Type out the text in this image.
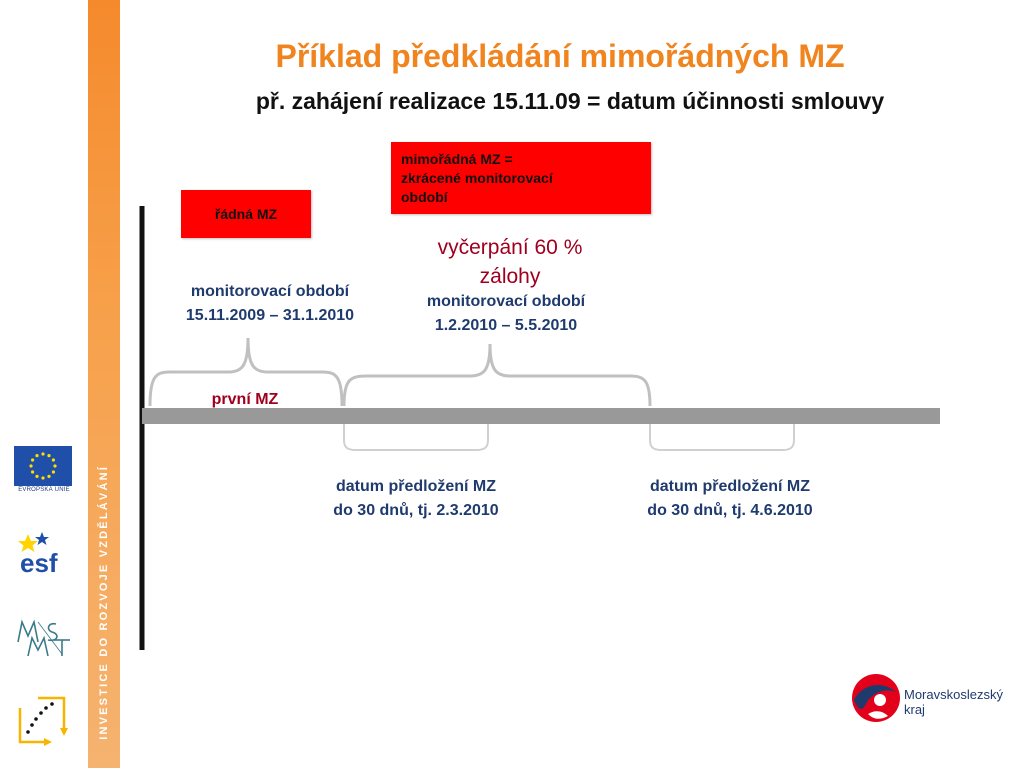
EVROPSKÁ UNIE
esf	INVESTICE DO ROZVOJE VZDĚLÁVÁNÍ
Příklad předkládání mimořádných MZ
př. zahájení realizace 15.11.09 = datum účinnosti smlouvy
mimořádná MZ =
zkrácené monitorovací
období
řádná MZ
vyčerpání 60 %
zálohy
monitorovací období
15.11.2009 – 31.1.2010
monitorovací období
1.2.2010 – 5.5.2010
první MZ
datum předložení MZ
do 30 dnů, tj. 2.3.2010
datum předložení MZ
do 30 dnů, tj. 4.6.2010
Moravskoslezský
kraj
